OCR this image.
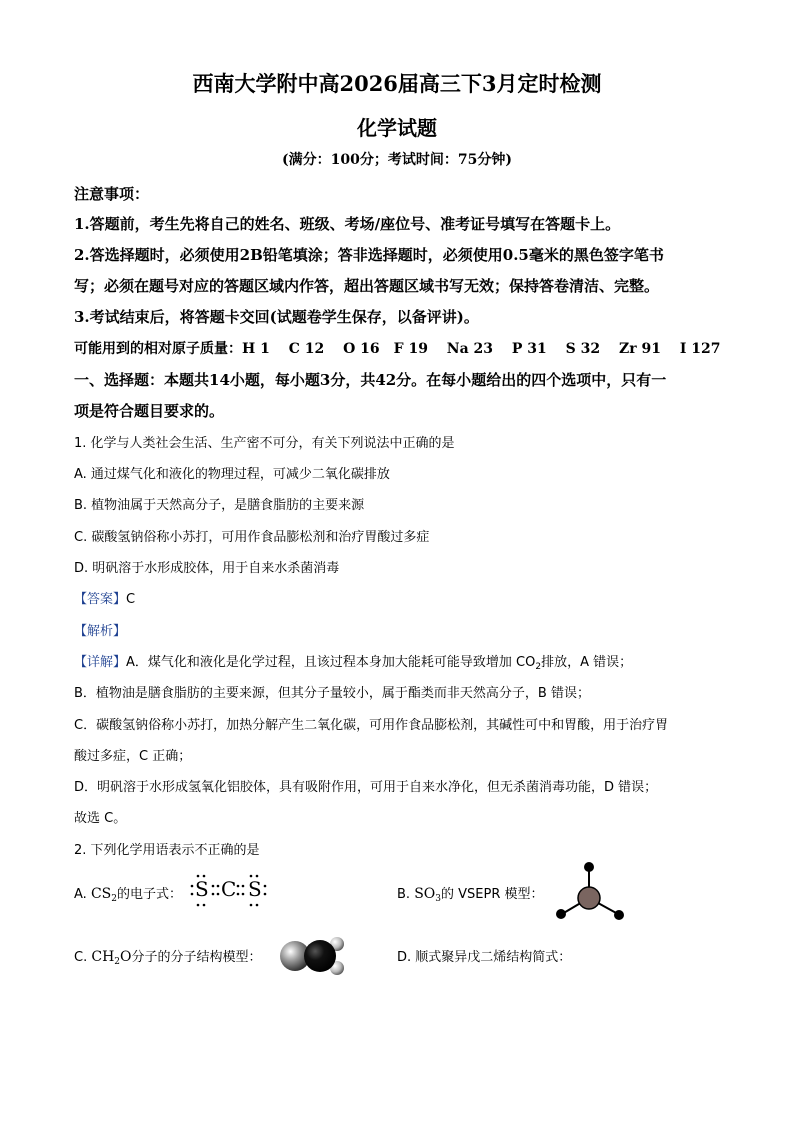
西南大学附中高2026届高三下3月定时检测
化学试题
(满分：100分；考试时间：75分钟)
注意事项：
1.答题前，考生先将自己的姓名、班级、考场/座位号、准考证号填写在答题卡上。
2.答选择题时，必须使用2B铅笔填涂；答非选择题时，必须使用0.5毫米的黑色签字笔书
写；必须在题号对应的答题区域内作答，超出答题区域书写无效；保持答卷清洁、完整。
3.考试结束后，将答题卡交回(试题卷学生保存，以备评讲)。
可能用到的相对原子质量：H 1　 C 12　 O 16　F 19　 Na 23　 P 31　 S 32　 Zr 91　 I 127
一、选择题：本题共14小题，每小题3分，共42分。在每小题给出的四个选项中，只有一
项是符合题目要求的。
1. 化学与人类社会生活、生产密不可分，有关下列说法中正确的是
A. 通过煤气化和液化的物理过程，可减少二氧化碳排放
B. 植物油属于天然高分子，是膳食脂肪的主要来源
C. 碳酸氢钠俗称小苏打，可用作食品膨松剂和治疗胃酸过多症
D. 明矾溶于水形成胶体，用于自来水杀菌消毒
【答案】C
【解析】
【详解】A．煤气化和液化是化学过程，且该过程本身加大能耗可能导致增加 $CO_2$排放，A 错误；
B．植物油是膳食脂肪的主要来源，但其分子量较小，属于酯类而非天然高分子，B 错误；
C．碳酸氢钠俗称小苏打，加热分解产生二氧化碳，可用作食品膨松剂，其碱性可中和胃酸，用于治疗胃
酸过多症，C 正确；
D．明矾溶于水形成氢氧化铝胶体，具有吸附作用，可用于自来水净化，但无杀菌消毒功能，D 错误；
故选 C。
2. 下列化学用语表示不正确的是
A. $CS_2$的电子式： S C S	B. $SO_3$的 VSEPR 模型：
C. $CH_2O$分子的分子结构模型：	D. 顺式聚异戊二烯结构简式：
